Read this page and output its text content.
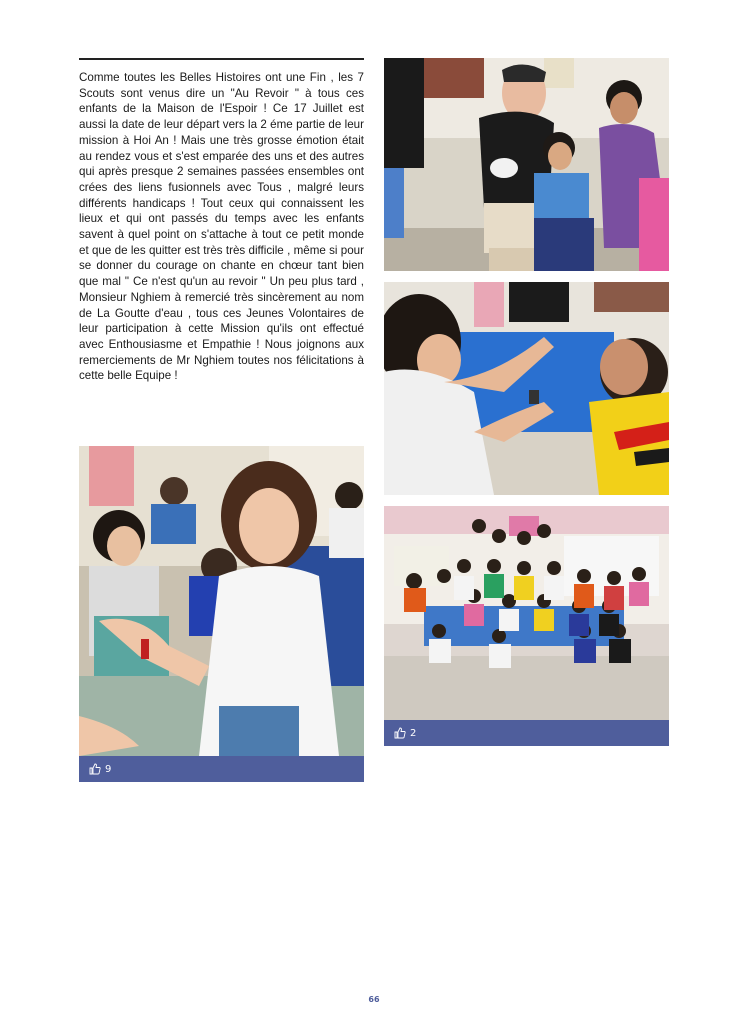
Comme toutes les Belles Histoires ont une Fin , les 7 Scouts sont venus dire un "Au Revoir " à tous ces enfants de la Maison de l'Espoir ! Ce 17 Juillet est aussi la date de leur départ vers la 2 éme partie de leur mission à Hoi An ! Mais une très grosse émotion était au rendez vous et s'est emparée des uns et des autres qui après presque 2 semaines passées ensembles ont crées des liens fusionnels avec Tous , malgré leurs différents handicaps ! Tout ceux qui connaissent les lieux et qui ont passés du temps avec les enfants savent à quel point on s'attache à tout ce petit monde et que de les quitter est très très difficile , même si pour se donner du courage on chante en chœur tant bien que mal " Ce n'est qu'un au revoir " Un peu plus tard , Monsieur Nghiem à remercié très sincèrement au nom de La Goutte d'eau , tous ces Jeunes Volontaires de leur participation à cette Mission qu'ils ont effectué avec Enthousiasme et Empathie ! Nous joignons aux remerciements de Mr Nghiem toutes nos félicitations à cette belle Equipe !
9
2
66
